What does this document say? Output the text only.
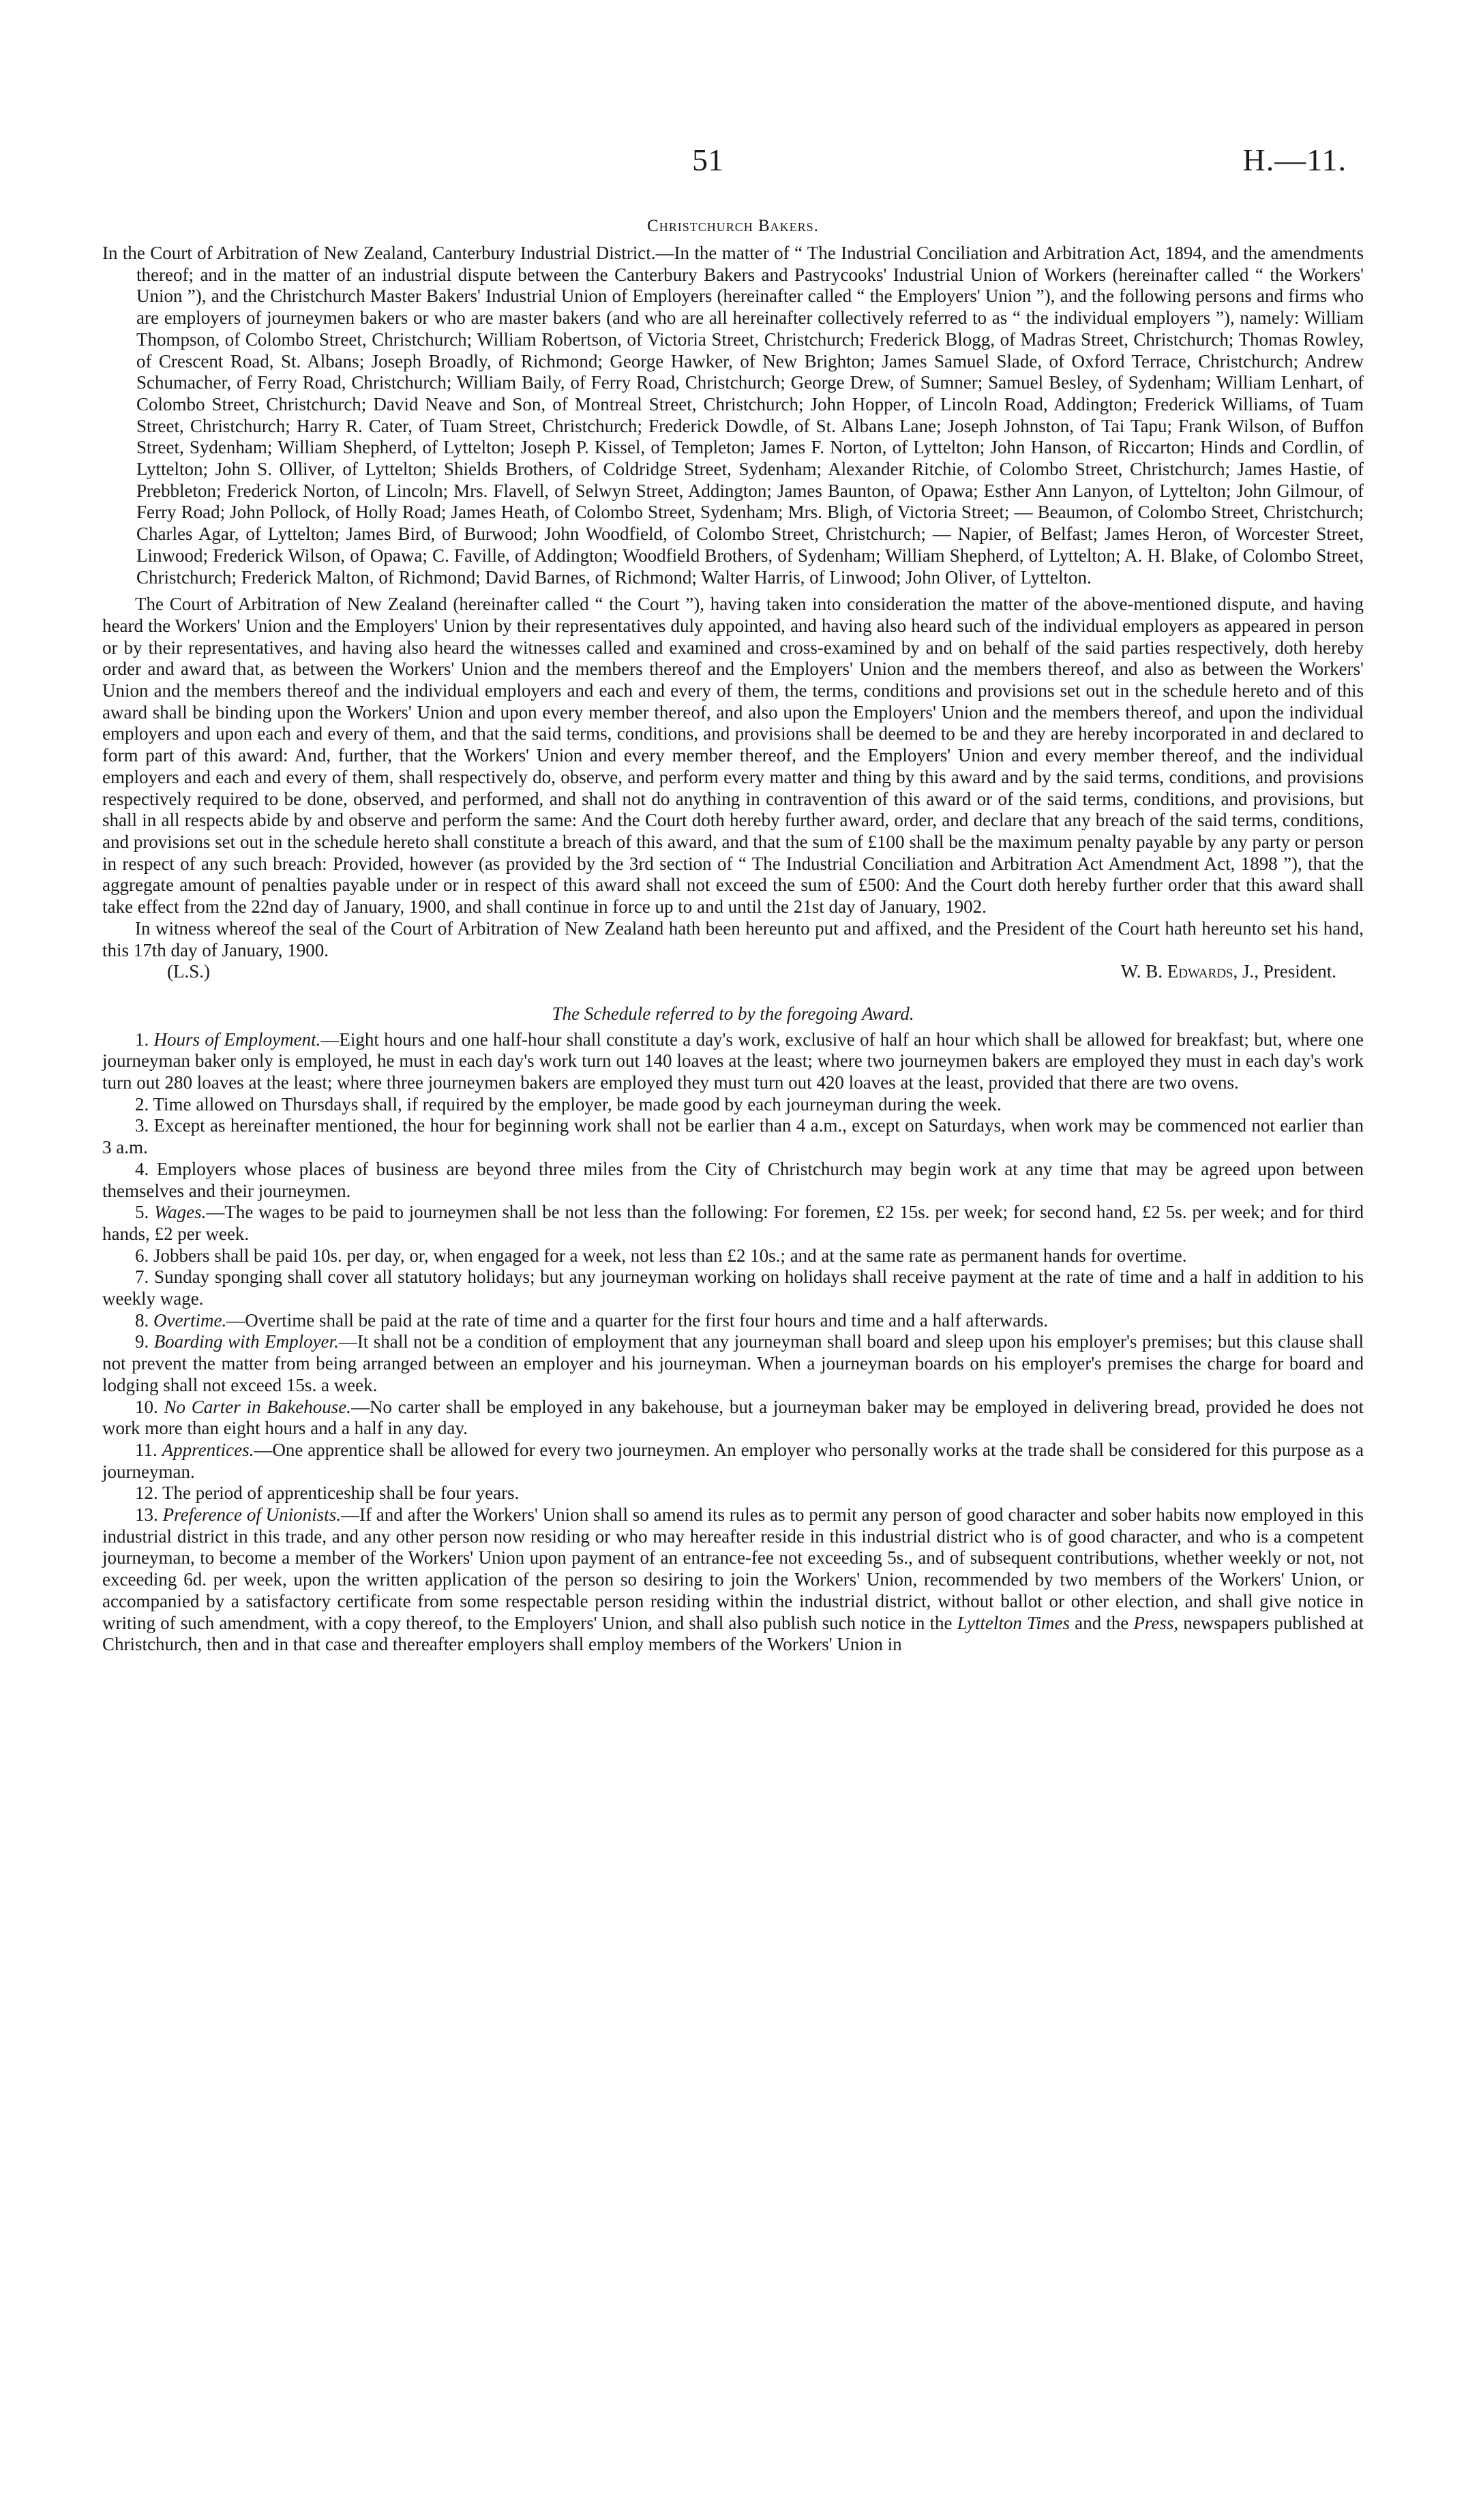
51	H.—11.
Christchurch Bakers.

In the Court of Arbitration of New Zealand, Canterbury Industrial District.—In the matter of “ The Industrial Conciliation and Arbitration Act, 1894, and the amendments thereof; and in the matter of an industrial dispute between the Canterbury Bakers and Pastrycooks' Industrial Union of Workers (hereinafter called “ the Workers' Union ”), and the Christchurch Master Bakers' Industrial Union of Employers (hereinafter called “ the Employers' Union ”), and the following persons and firms who are employers of journeymen bakers or who are master bakers (and who are all hereinafter collectively referred to as “ the individual employers ”), namely: William Thompson, of Colombo Street, Christchurch; William Robertson, of Victoria Street, Christchurch; Frederick Blogg, of Madras Street, Christchurch; Thomas Rowley, of Crescent Road, St. Albans; Joseph Broadly, of Richmond; George Hawker, of New Brighton; James Samuel Slade, of Oxford Terrace, Christchurch; Andrew Schumacher, of Ferry Road, Christchurch; William Baily, of Ferry Road, Christchurch; George Drew, of Sumner; Samuel Besley, of Sydenham; William Lenhart, of Colombo Street, Christchurch; David Neave and Son, of Montreal Street, Christchurch; John Hopper, of Lincoln Road, Addington; Frederick Williams, of Tuam Street, Christchurch; Harry R. Cater, of Tuam Street, Christchurch; Frederick Dowdle, of St. Albans Lane; Joseph Johnston, of Tai Tapu; Frank Wilson, of Buffon Street, Sydenham; William Shepherd, of Lyttelton; Joseph P. Kissel, of Templeton; James F. Norton, of Lyttelton; John Hanson, of Riccarton; Hinds and Cordlin, of Lyttelton; John S. Olliver, of Lyttelton; Shields Brothers, of Coldridge Street, Sydenham; Alexander Ritchie, of Colombo Street, Christchurch; James Hastie, of Prebbleton; Frederick Norton, of Lincoln; Mrs. Flavell, of Selwyn Street, Addington; James Baunton, of Opawa; Esther Ann Lanyon, of Lyttelton; John Gilmour, of Ferry Road; John Pollock, of Holly Road; James Heath, of Colombo Street, Sydenham; Mrs. Bligh, of Victoria Street; — Beaumon, of Colombo Street, Christchurch; Charles Agar, of Lyttelton; James Bird, of Burwood; John Woodfield, of Colombo Street, Christchurch; — Napier, of Belfast; James Heron, of Worcester Street, Linwood; Frederick Wilson, of Opawa; C. Faville, of Addington; Woodfield Brothers, of Sydenham; William Shepherd, of Lyttelton; A. H. Blake, of Colombo Street, Christchurch; Frederick Malton, of Richmond; David Barnes, of Richmond; Walter Harris, of Linwood; John Oliver, of Lyttelton.

The Court of Arbitration of New Zealand (hereinafter called “ the Court ”), having taken into consideration the matter of the above-mentioned dispute, and having heard the Workers' Union and the Employers' Union by their representatives duly appointed, and having also heard such of the individual employers as appeared in person or by their representatives, and having also heard the witnesses called and examined and cross-examined by and on behalf of the said parties respectively, doth hereby order and award that, as between the Workers' Union and the members thereof and the Employers' Union and the members thereof, and also as between the Workers' Union and the members thereof and the individual employers and each and every of them, the terms, conditions and provisions set out in the schedule hereto and of this award shall be binding upon the Workers' Union and upon every member thereof, and also upon the Employers' Union and the members thereof, and upon the individual employers and upon each and every of them, and that the said terms, conditions, and provisions shall be deemed to be and they are hereby incorporated in and declared to form part of this award: And, further, that the Workers' Union and every member thereof, and the Employers' Union and every member thereof, and the individual employers and each and every of them, shall respectively do, observe, and perform every matter and thing by this award and by the said terms, conditions, and provisions respectively required to be done, observed, and performed, and shall not do anything in contravention of this award or of the said terms, conditions, and provisions, but shall in all respects abide by and observe and perform the same: And the Court doth hereby further award, order, and declare that any breach of the said terms, conditions, and provisions set out in the schedule hereto shall constitute a breach of this award, and that the sum of £100 shall be the maximum penalty payable by any party or person in respect of any such breach: Provided, however (as provided by the 3rd section of “ The Industrial Conciliation and Arbitration Act Amendment Act, 1898 ”), that the aggregate amount of penalties payable under or in respect of this award shall not exceed the sum of £500: And the Court doth hereby further order that this award shall take effect from the 22nd day of January, 1900, and shall continue in force up to and until the 21st day of January, 1902.

In witness whereof the seal of the Court of Arbitration of New Zealand hath been hereunto put and affixed, and the President of the Court hath hereunto set his hand, this 17th day of January, 1900.

(L.S.)	W. B. Edwards, J., President.
The Schedule referred to by the foregoing Award.

1. Hours of Employment.—Eight hours and one half-hour shall constitute a day's work, exclusive of half an hour which shall be allowed for breakfast; but, where one journeyman baker only is employed, he must in each day's work turn out 140 loaves at the least; where two journeymen bakers are employed they must in each day's work turn out 280 loaves at the least; where three journeymen bakers are employed they must turn out 420 loaves at the least, provided that there are two ovens.

2. Time allowed on Thursdays shall, if required by the employer, be made good by each journeyman during the week.

3. Except as hereinafter mentioned, the hour for beginning work shall not be earlier than 4 a.m., except on Saturdays, when work may be commenced not earlier than 3 a.m.

4. Employers whose places of business are beyond three miles from the City of Christchurch may begin work at any time that may be agreed upon between themselves and their journeymen.

5. Wages.—The wages to be paid to journeymen shall be not less than the following: For foremen, £2 15s. per week; for second hand, £2 5s. per week; and for third hands, £2 per week.

6. Jobbers shall be paid 10s. per day, or, when engaged for a week, not less than £2 10s.; and at the same rate as permanent hands for overtime.

7. Sunday sponging shall cover all statutory holidays; but any journeyman working on holidays shall receive payment at the rate of time and a half in addition to his weekly wage.

8. Overtime.—Overtime shall be paid at the rate of time and a quarter for the first four hours and time and a half afterwards.

9. Boarding with Employer.—It shall not be a condition of employment that any journeyman shall board and sleep upon his employer's premises; but this clause shall not prevent the matter from being arranged between an employer and his journeyman. When a journeyman boards on his employer's premises the charge for board and lodging shall not exceed 15s. a week.

10. No Carter in Bakehouse.—No carter shall be employed in any bakehouse, but a journeyman baker may be employed in delivering bread, provided he does not work more than eight hours and a half in any day.

11. Apprentices.—One apprentice shall be allowed for every two journeymen. An employer who personally works at the trade shall be considered for this purpose as a journeyman.

12. The period of apprenticeship shall be four years.

13. Preference of Unionists.—If and after the Workers' Union shall so amend its rules as to permit any person of good character and sober habits now employed in this industrial district in this trade, and any other person now residing or who may hereafter reside in this industrial district who is of good character, and who is a competent journeyman, to become a member of the Workers' Union upon payment of an entrance-fee not exceeding 5s., and of subsequent contributions, whether weekly or not, not exceeding 6d. per week, upon the written application of the person so desiring to join the Workers' Union, recommended by two members of the Workers' Union, or accompanied by a satisfactory certificate from some respectable person residing within the industrial district, without ballot or other election, and shall give notice in writing of such amendment, with a copy thereof, to the Employers' Union, and shall also publish such notice in the Lyttelton Times and the Press, newspapers published at Christchurch, then and in that case and thereafter employers shall employ members of the Workers' Union in
